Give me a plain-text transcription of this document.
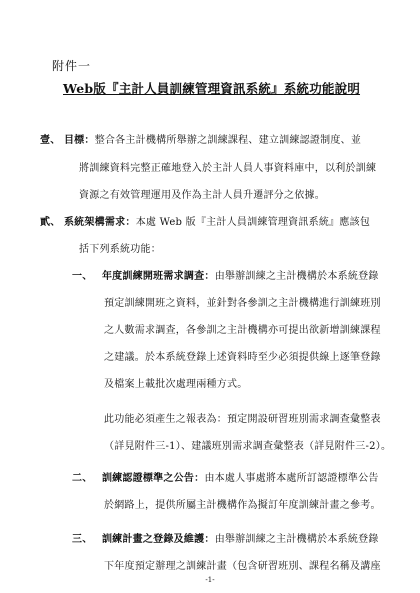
附件一
Web版『主計人員訓練管理資訊系統』系統功能說明
壹、 目標：整合各主計機構所舉辦之訓練課程、建立訓練認證制度、並
將訓練資料完整正確地登入於主計人員人事資料庫中，以利於訓練
資源之有效管理運用及作為主計人員升遷評分之依據。
貳、 系統架構需求：本處 Web 版『主計人員訓練管理資訊系統』應該包
括下列系統功能：
一、 年度訓練開班需求調查：由舉辦訓練之主計機構於本系統登錄
預定訓練開班之資料，並針對各參訓之主計機構進行訓練班別
之人數需求調查，各參訓之主計機構亦可提出欲新增訓練課程
之建議。於本系統登錄上述資料時至少必須提供線上逐筆登錄
及檔案上載批次處理兩種方式。
此功能必須產生之報表為：預定開設研習班別需求調查彙整表
（詳見附件三-1）、建議班別需求調查彙整表（詳見附件三-2）。
二、 訓練認證標準之公告：由本處人事處將本處所訂認證標準公告
於網路上，提供所屬主計機構作為擬訂年度訓練計畫之參考。
三、 訓練計畫之登錄及維護：由舉辦訓練之主計機構於本系統登錄
下年度預定辦理之訓練計畫（包含研習班別、課程名稱及講座
-1-
